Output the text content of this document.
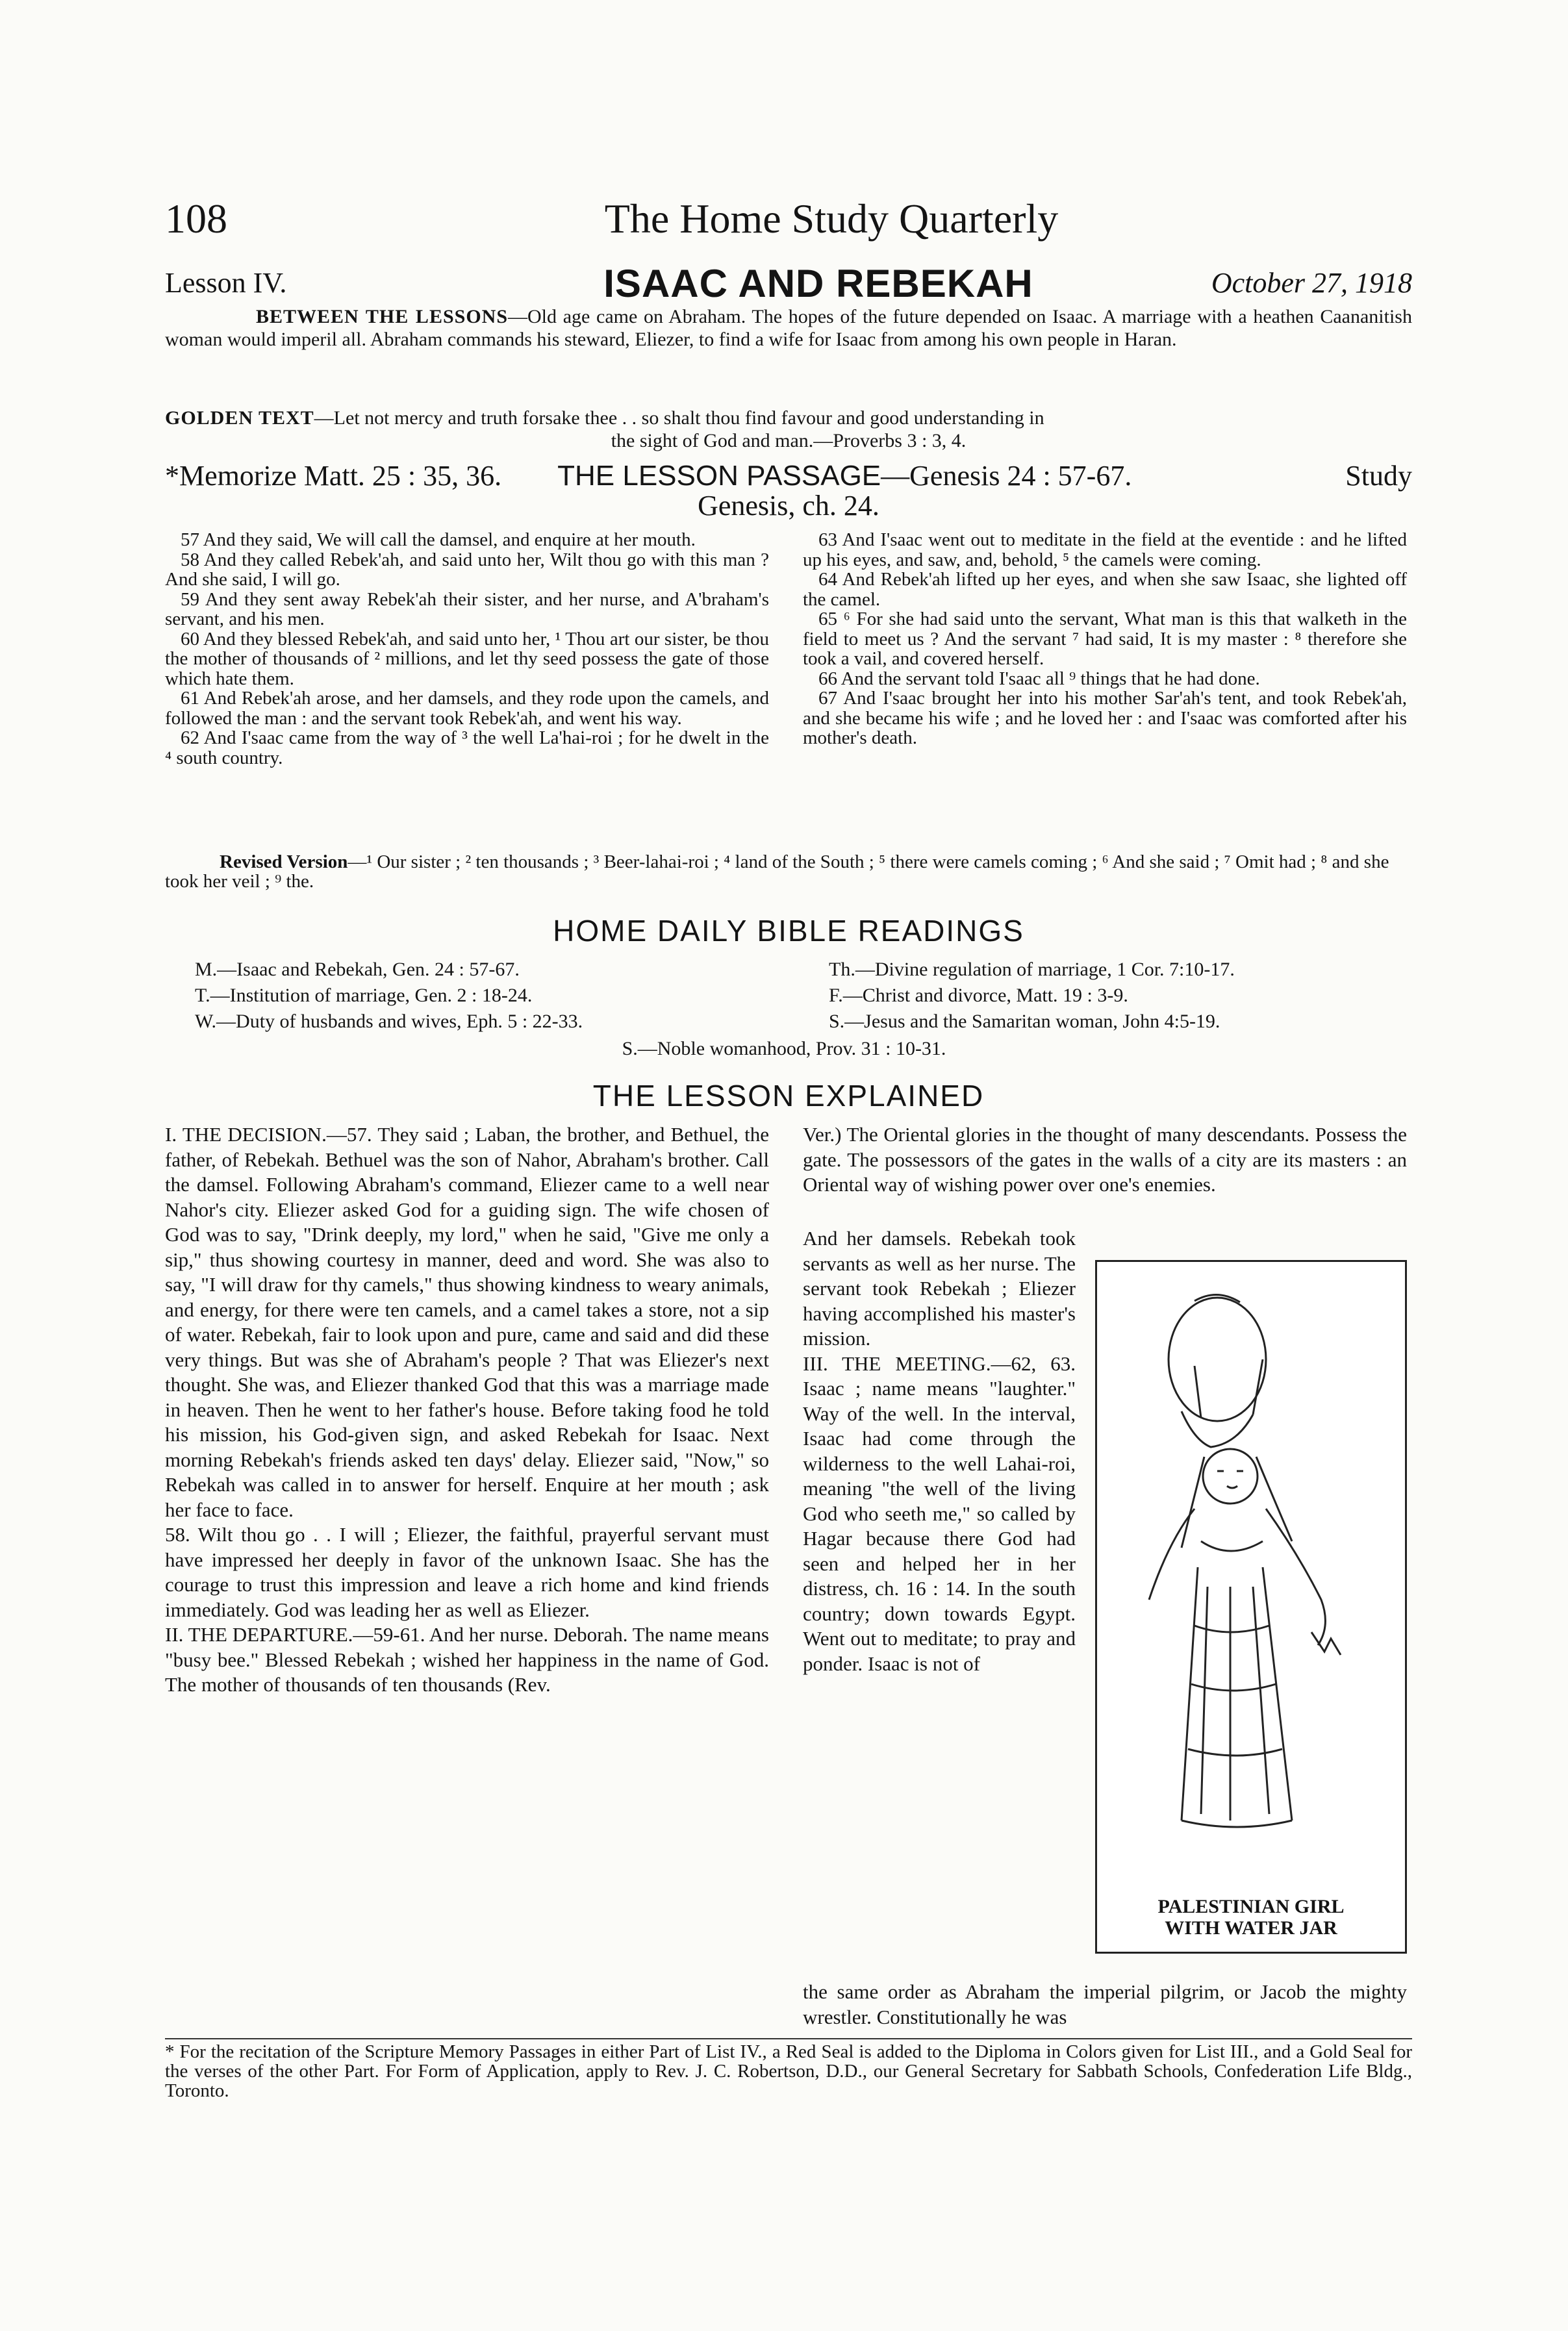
108	The Home Study Quarterly
Lesson IV.	ISAAC AND REBEKAH	October 27, 1918
BETWEEN THE LESSONS—Old age came on Abraham. The hopes of the future depended on Isaac. A marriage with a heathen Caananitish woman would imperil all. Abraham commands his steward, Eliezer, to find a wife for Isaac from among his own people in Haran.
GOLDEN TEXT—Let not mercy and truth forsake thee . . so shalt thou find favour and good understanding in
the sight of God and man.—Proverbs 3 : 3, 4.
Study
*Memorize Matt. 25 : 35, 36. THE LESSON PASSAGE—Genesis 24 : 57-67.
Genesis, ch. 24.

57 And they said, We will call the damsel, and enquire at her mouth.

58 And they called Rebek'ah, and said unto her, Wilt thou go with this man ? And she said, I will go.

59 And they sent away Rebek'ah their sister, and her nurse, and A'braham's servant, and his men.

60 And they blessed Rebek'ah, and said unto her, ¹ Thou art our sister, be thou the mother of thousands of ² millions, and let thy seed possess the gate of those which hate them.

61 And Rebek'ah arose, and her damsels, and they rode upon the camels, and followed the man : and the servant took Rebek'ah, and went his way.

62 And I'saac came from the way of ³ the well La'hai-roi ; for he dwelt in the ⁴ south country.

63 And I'saac went out to meditate in the field at the eventide : and he lifted up his eyes, and saw, and, behold, ⁵ the camels were coming.

64 And Rebek'ah lifted up her eyes, and when she saw Isaac, she lighted off the camel.

65 ⁶ For she had said unto the servant, What man is this that walketh in the field to meet us ? And the servant ⁷ had said, It is my master : ⁸ therefore she took a vail, and covered herself.

66 And the servant told I'saac all ⁹ things that he had done.

67 And I'saac brought her into his mother Sar'ah's tent, and took Rebek'ah, and she became his wife ; and he loved her : and I'saac was comforted after his mother's death.

Revised Version—¹ Our sister ; ² ten thousands ; ³ Beer-lahai-roi ; ⁴ land of the South ; ⁵ there were camels coming ; ⁶ And she said ; ⁷ Omit had ; ⁸ and she took her veil ; ⁹ the.
HOME DAILY BIBLE READINGS
M.—Isaac and Rebekah, Gen. 24 : 57-67.	Th.—Divine regulation of marriage, 1 Cor. 7:10-17.
T.—Institution of marriage, Gen. 2 : 18-24.	F.—Christ and divorce, Matt. 19 : 3-9.
W.—Duty of husbands and wives, Eph. 5 : 22-33.	S.—Jesus and the Samaritan woman, John 4:5-19.
S.—Noble womanhood, Prov. 31 : 10-31.
THE LESSON EXPLAINED

I. THE DECISION.—57. They said ; Laban, the brother, and Bethuel, the father, of Rebekah. Bethuel was the son of Nahor, Abraham's brother. Call the damsel. Following Abraham's command, Eliezer came to a well near Nahor's city. Eliezer asked God for a guiding sign. The wife chosen of God was to say, "Drink deeply, my lord," when he said, "Give me only a sip," thus showing courtesy in manner, deed and word. She was also to say, "I will draw for thy camels," thus showing kindness to weary animals, and energy, for there were ten camels, and a camel takes a store, not a sip of water. Rebekah, fair to look upon and pure, came and said and did these very things. But was she of Abraham's people ? That was Eliezer's next thought. She was, and Eliezer thanked God that this was a marriage made in heaven. Then he went to her father's house. Before taking food he told his mission, his God-given sign, and asked Rebekah for Isaac. Next morning Rebekah's friends asked ten days' delay. Eliezer said, "Now," so Rebekah was called in to answer for herself. Enquire at her mouth ; ask her face to face.

58. Wilt thou go . . I will ; Eliezer, the faithful, prayerful servant must have impressed her deeply in favor of the unknown Isaac. She has the courage to trust this impression and leave a rich home and kind friends immediately. God was leading her as well as Eliezer.

II. THE DEPARTURE.—59-61. And her nurse. Deborah. The name means "busy bee." Blessed Rebekah ; wished her happiness in the name of God. The mother of thousands of ten thousands (Rev.

Ver.) The Oriental glories in the thought of many descendants. Possess the gate. The possessors of the gates in the walls of a city are its masters : an Oriental way of wishing power over one's enemies.

And her damsels. Rebekah took servants as well as her nurse. The servant took Rebekah ; Eliezer having accomplished his master's mission.

III. THE MEETING.—62, 63. Isaac ; name means "laughter." Way of the well. In the interval, Isaac had come through the wilderness to the well Lahai-roi, meaning "the well of the living God who seeth me," so called by Hagar because there God had seen and helped her in her distress, ch. 16 : 14. In the south country; down towards Egypt. Went out to meditate; to pray and ponder. Isaac is not of

the same order as Abraham the imperial pilgrim, or Jacob the mighty wrestler. Constitutionally he was

PALESTINIAN GIRL
WITH WATER JAR
* For the recitation of the Scripture Memory Passages in either Part of List IV., a Red Seal is added to the Diploma in Colors given for List III., and a Gold Seal for the verses of the other Part. For Form of Application, apply to Rev. J. C. Robertson, D.D., our General Secretary for Sabbath Schools, Confederation Life Bldg., Toronto.
